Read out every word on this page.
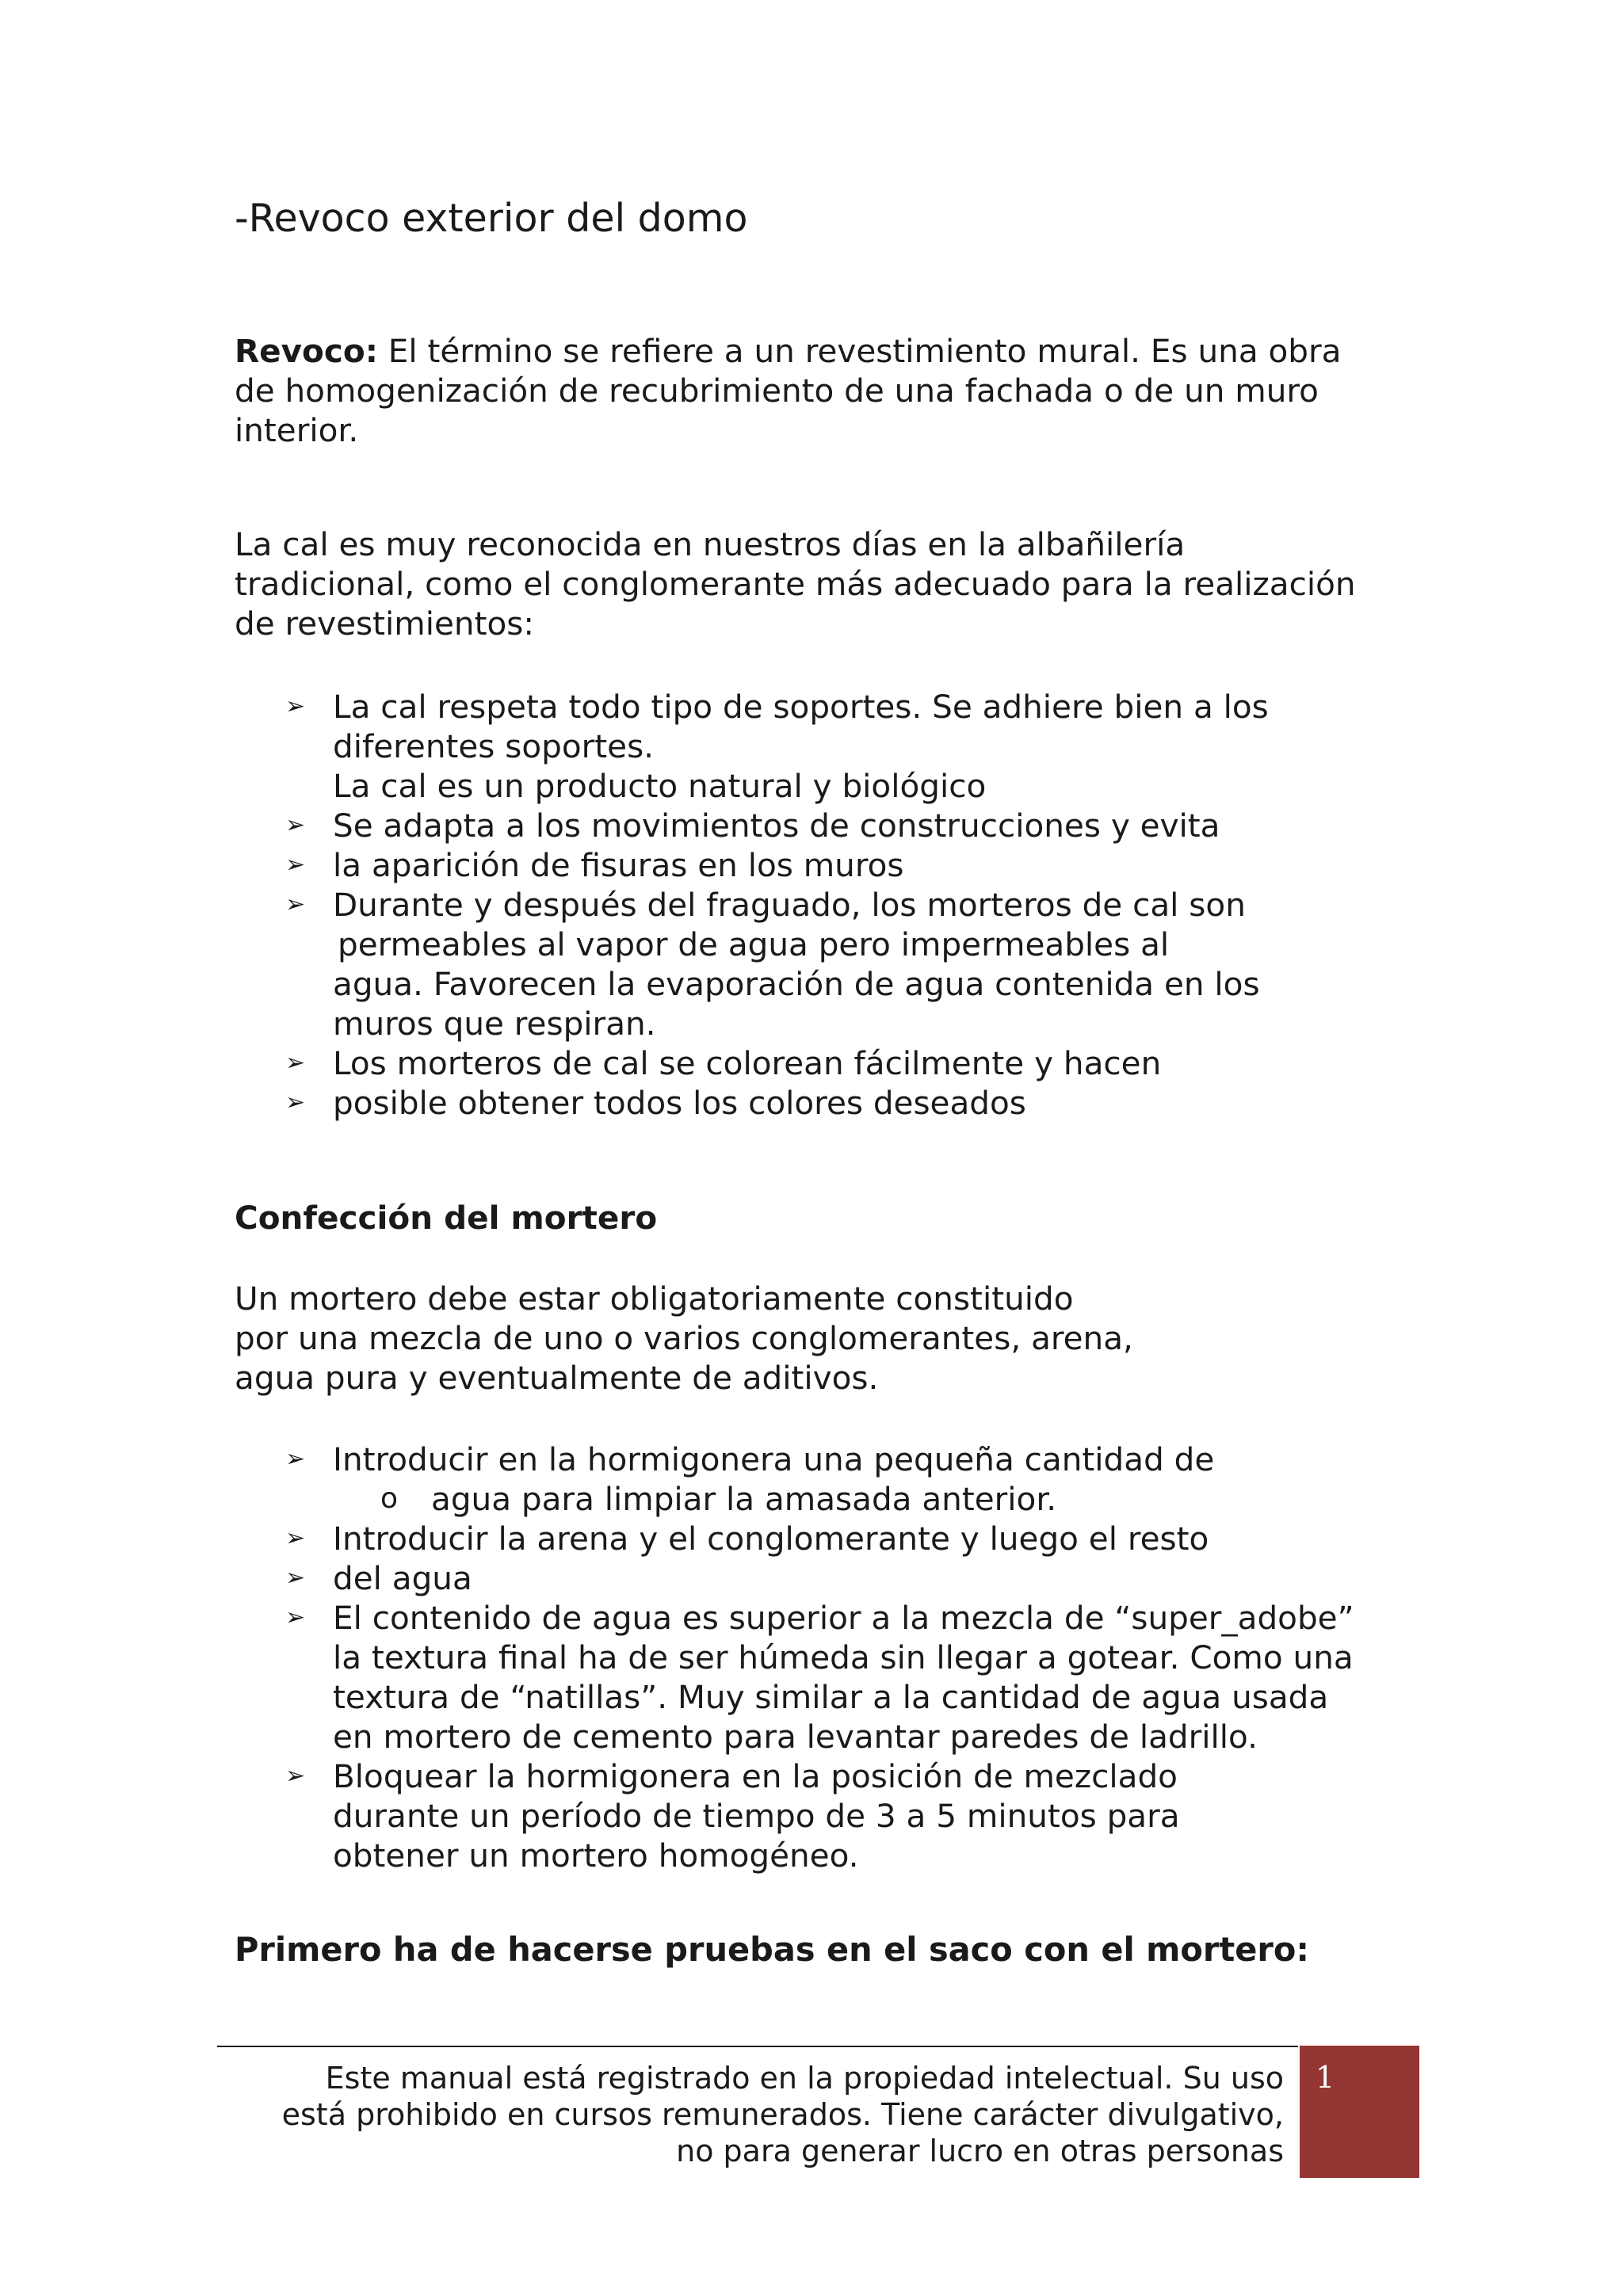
-Revoco exterior del domo
Revoco: El término se refiere a un revestimiento mural. Es una obra
de homogenización de recubrimiento de una fachada o de un muro
interior.
La cal es muy reconocida en nuestros días en la albañilería
tradicional, como el conglomerante más adecuado para la realización
de revestimientos:
➢ La cal respeta todo tipo de soportes. Se adhiere bien a los
diferentes soportes.
La cal es un producto natural y biológico
➢ Se adapta a los movimientos de construcciones y evita
➢ la aparición de fisuras en los muros
➢ Durante y después del fraguado, los morteros de cal son
permeables al vapor de agua pero impermeables al
agua. Favorecen la evaporación de agua contenida en los
muros que respiran.
➢ Los morteros de cal se colorean fácilmente y hacen
➢ posible obtener todos los colores deseados
Confección del mortero
Un mortero debe estar obligatoriamente constituido
por una mezcla de uno o varios conglomerantes, arena,
agua pura y eventualmente de aditivos.
➢ Introducir en la hormigonera una pequeña cantidad de
o agua para limpiar la amasada anterior.
➢ Introducir la arena y el conglomerante y luego el resto
➢ del agua
➢ El contenido de agua es superior a la mezcla de “super_adobe”
la textura final ha de ser húmeda sin llegar a gotear. Como una
textura de “natillas”. Muy similar a la cantidad de agua usada
en mortero de cemento para levantar paredes de ladrillo.
➢ Bloquear la hormigonera en la posición de mezclado
durante un período de tiempo de 3 a 5 minutos para
obtener un mortero homogéneo.
Primero ha de hacerse pruebas en el saco con el mortero:
1
Este manual está registrado en la propiedad intelectual. Su uso
está prohibido en cursos remunerados. Tiene carácter divulgativo,
no para generar lucro en otras personas
